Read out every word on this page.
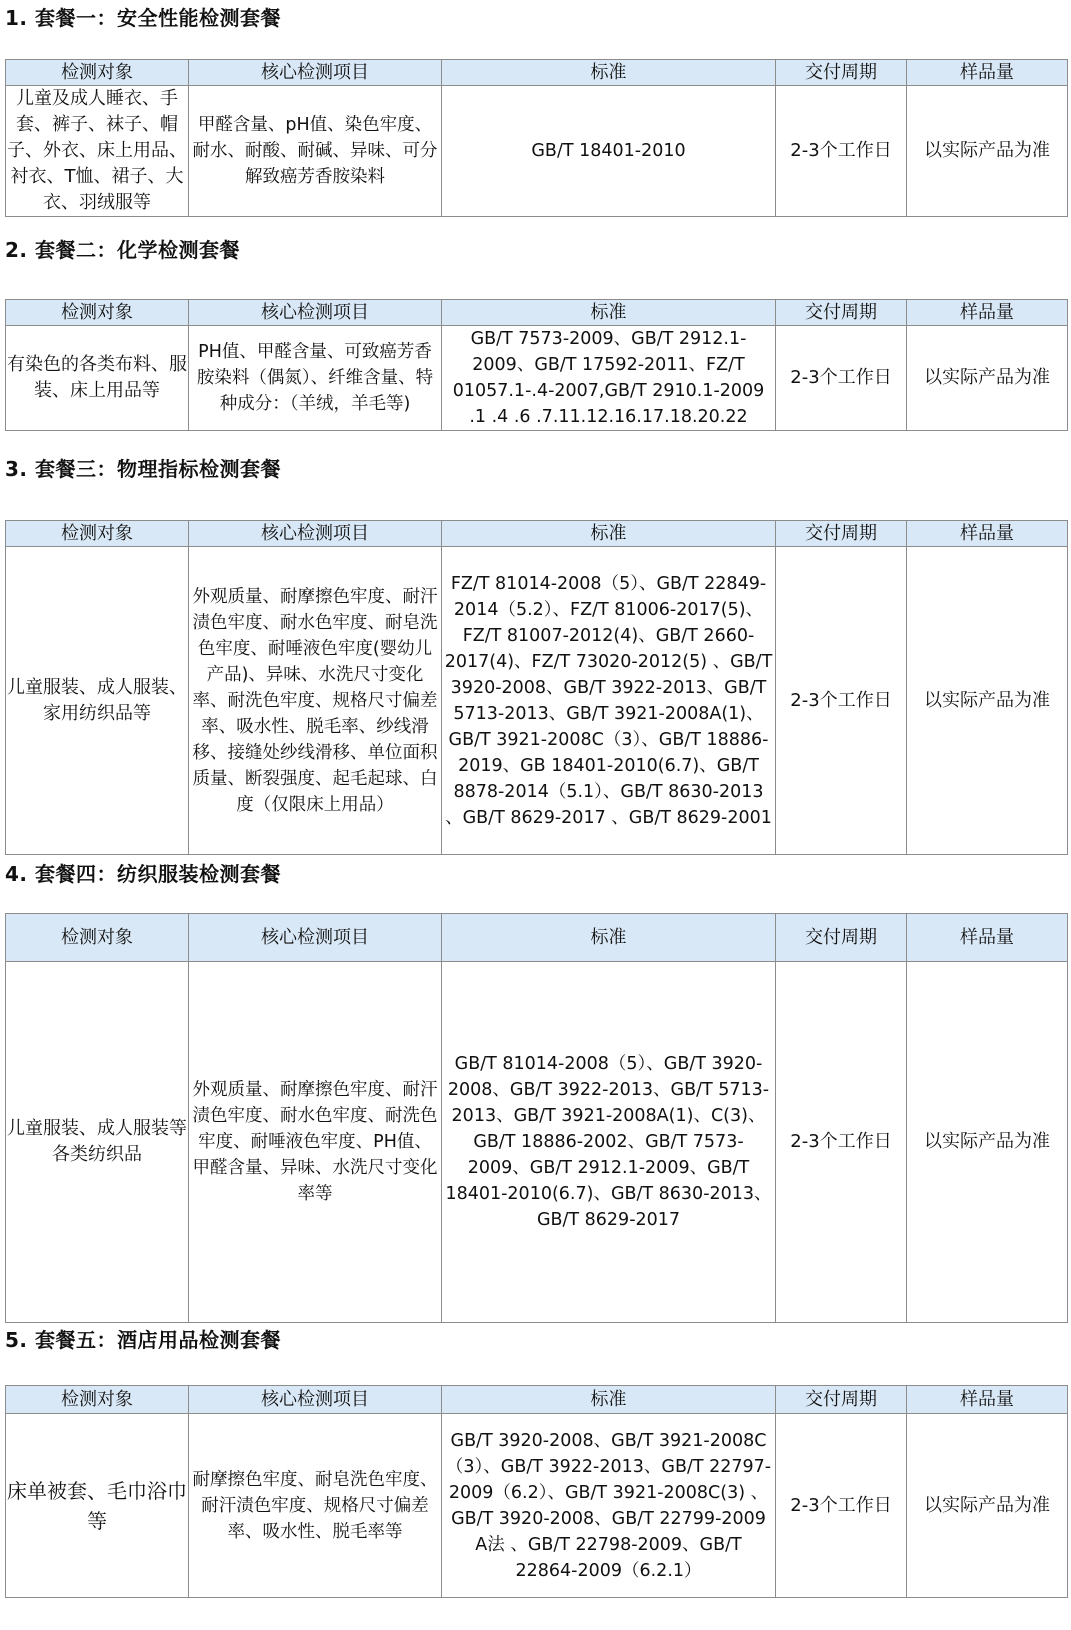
1. 套餐一：安全性能检测套餐
检测对象	核心检测项目	标准	交付周期	样品量
儿童及成人睡衣、手套、裤子、袜子、帽子、外衣、床上用品、衬衣、T恤、裙子、大衣、羽绒服等	甲醛含量、pH值、染色牢度、耐水、耐酸、耐碱、异味、可分解致癌芳香胺染料	GB/T 18401-2010	2-3个工作日	以实际产品为准
2. 套餐二：化学检测套餐
检测对象	核心检测项目	标准	交付周期	样品量
有染色的各类布料、服装、床上用品等	PH值、甲醛含量、可致癌芳香胺染料（偶氮）、纤维含量、特种成分：（羊绒，羊毛等)	GB/T 7573-2009、GB/T 2912.1-2009、GB/T 17592-2011、FZ/T 01057.1-.4-2007,GB/T 2910.1-2009 .1 .4 .6 .7.11.12.16.17.18.20.22	2-3个工作日	以实际产品为准
3. 套餐三：物理指标检测套餐
检测对象	核心检测项目	标准	交付周期	样品量
儿童服装、成人服装、家用纺织品等	外观质量、耐摩擦色牢度、耐汗渍色牢度、耐水色牢度、耐皂洗色牢度、耐唾液色牢度(婴幼儿产品)、异味、水洗尺寸变化率、耐洗色牢度、规格尺寸偏差率、吸水性、脱毛率、纱线滑移、接缝处纱线滑移、单位面积质量、断裂强度、起毛起球、白度（仅限床上用品）	FZ/T 81014-2008（5）、GB/T 22849-2014（5.2）、FZ/T 81006-2017(5)、FZ/T 81007-2012(4)、GB/T 2660-2017(4)、FZ/T 73020-2012(5) 、GB/T 3920-2008、GB/T 3922-2013、GB/T 5713-2013、GB/T 3921-2008A(1)、GB/T 3921-2008C（3）、GB/T 18886-2019、GB 18401-2010(6.7)、GB/T 8878-2014（5.1）、GB/T 8630-2013 、GB/T 8629-2017 、GB/T 8629-2001	2-3个工作日	以实际产品为准
4. 套餐四：纺织服装检测套餐
检测对象	核心检测项目	标准	交付周期	样品量
儿童服装、成人服装等各类纺织品	外观质量、耐摩擦色牢度、耐汗渍色牢度、耐水色牢度、耐洗色牢度、耐唾液色牢度、PH值、甲醛含量、异味、水洗尺寸变化率等	GB/T 81014-2008（5）、GB/T 3920-2008、GB/T 3922-2013、GB/T 5713-2013、GB/T 3921-2008A(1)、C(3)、GB/T 18886-2002、GB/T 7573-2009、GB/T 2912.1-2009、GB/T 18401-2010(6.7)、GB/T 8630-2013、GB/T 8629-2017	2-3个工作日	以实际产品为准
5. 套餐五：酒店用品检测套餐
检测对象	核心检测项目	标准	交付周期	样品量
床单被套、毛巾浴巾等	耐摩擦色牢度、耐皂洗色牢度、耐汗渍色牢度、规格尺寸偏差率、吸水性、脱毛率等	GB/T 3920-2008、GB/T 3921-2008C（3）、GB/T 3922-2013、GB/T 22797-2009（6.2）、GB/T 3921-2008C(3) 、GB/T 3920-2008、GB/T 22799-2009 A法 、GB/T 22798-2009、GB/T 22864-2009（6.2.1）	2-3个工作日	以实际产品为准
